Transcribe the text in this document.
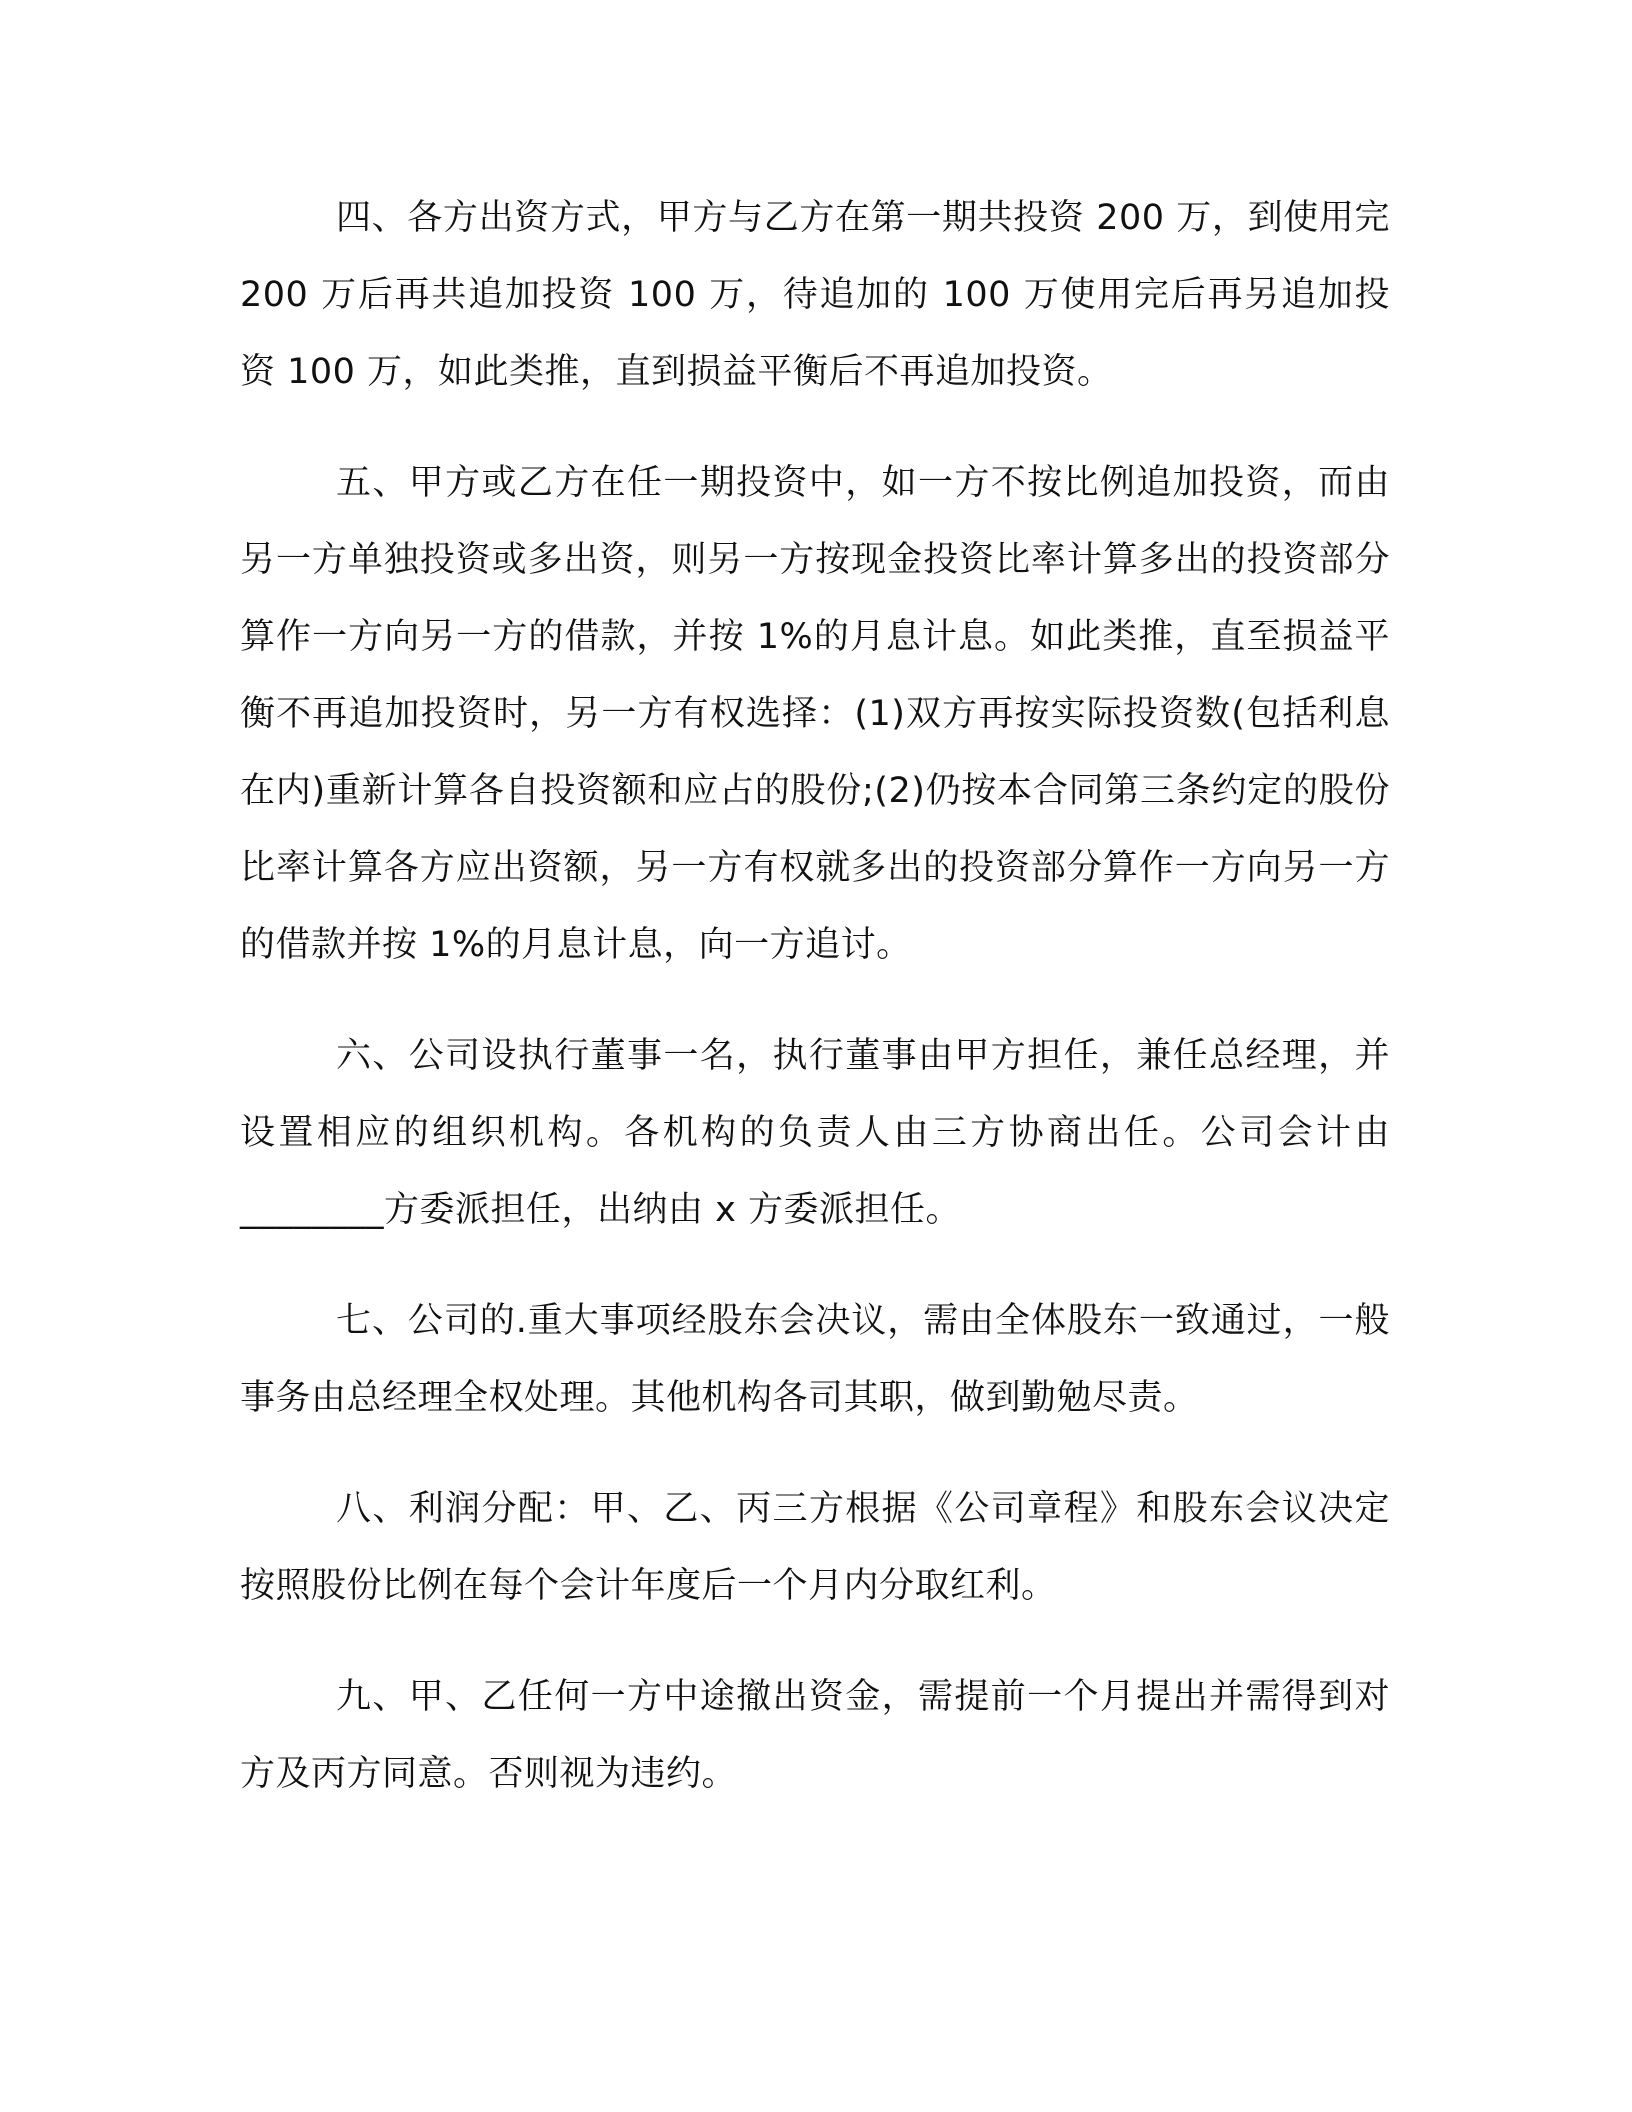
四、各方出资方式，甲方与乙方在第一期共投资 200 万，到使用完 200 万后再共追加投资 100 万，待追加的 100 万使用完后再另追加投资 100 万，如此类推，直到损益平衡后不再追加投资。

五、甲方或乙方在任一期投资中，如一方不按比例追加投资，而由另一方单独投资或多出资，则另一方按现金投资比率计算多出的投资部分算作一方向另一方的借款，并按 1%的月息计息。如此类推，直至损益平衡不再追加投资时，另一方有权选择：(1)双方再按实际投资数(包括利息在内)重新计算各自投资额和应占的股份;(2)仍按本合同第三条约定的股份比率计算各方应出资额，另一方有权就多出的投资部分算作一方向另一方的借款并按 1%的月息计息，向一方追讨。

六、公司设执行董事一名，执行董事由甲方担任，兼任总经理，并设置相应的组织机构。各机构的负责人由三方协商出任。公司会计由________方委派担任，出纳由 x 方委派担任。

七、公司的.重大事项经股东会决议，需由全体股东一致通过，一般事务由总经理全权处理。其他机构各司其职，做到勤勉尽责。

八、利润分配：甲、乙、丙三方根据《公司章程》和股东会议决定按照股份比例在每个会计年度后一个月内分取红利。

九、甲、乙任何一方中途撤出资金，需提前一个月提出并需得到对方及丙方同意。否则视为违约。
